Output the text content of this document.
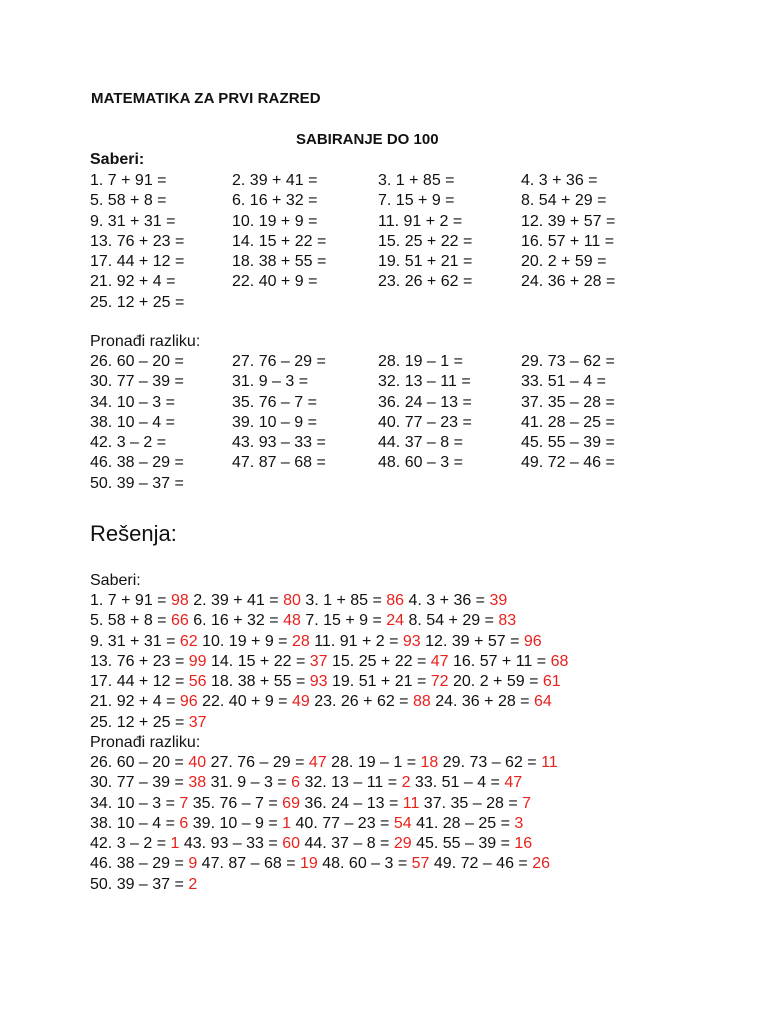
MATEMATIKA ZA PRVI RAZRED
SABIRANJE DO 100
Saberi:
1. 7 + 91 =	2. 39 + 41 =	3. 1 + 85 =	4. 3 + 36 =
5. 58 + 8 =	6. 16 + 32 =	7. 15 + 9 =	8. 54 + 29 =
9. 31 + 31 =	10. 19 + 9 =	11. 91 + 2 =	12. 39 + 57 =
13. 76 + 23 =	14. 15 + 22 =	15. 25 + 22 =	16. 57 + 11 =
17. 44 + 12 =	18. 38 + 55 =	19. 51 + 21 =	20. 2 + 59 =
21. 92 + 4 =	22. 40 + 9 =	23. 26 + 62 =	24. 36 + 28 =
25. 12 + 25 =
Pronađi razliku:
26. 60 – 20 =	27. 76 – 29 =	28. 19 – 1 =	29. 73 – 62 =
30. 77 – 39 =	31. 9 – 3 =	32. 13 – 11 =	33. 51 – 4 =
34. 10 – 3 =	35. 76 – 7 =	36. 24 – 13 =	37. 35 – 28 =
38. 10 – 4 =	39. 10 – 9 =	40. 77 – 23 =	41. 28 – 25 =
42. 3 – 2 =	43. 93 – 33 =	44. 37 – 8 =	45. 55 – 39 =
46. 38 – 29 =	47. 87 – 68 =	48. 60 – 3 =	49. 72 – 46 =
50. 39 – 37 =
Rešenja:
Saberi:
1. 7 + 91 = 98 2. 39 + 41 = 80 3. 1 + 85 = 86 4. 3 + 36 = 39
5. 58 + 8 = 66 6. 16 + 32 = 48 7. 15 + 9 = 24 8. 54 + 29 = 83
9. 31 + 31 = 62 10. 19 + 9 = 28 11. 91 + 2 = 93 12. 39 + 57 = 96
13. 76 + 23 = 99 14. 15 + 22 = 37 15. 25 + 22 = 47 16. 57 + 11 = 68
17. 44 + 12 = 56 18. 38 + 55 = 93 19. 51 + 21 = 72 20. 2 + 59 = 61
21. 92 + 4 = 96 22. 40 + 9 = 49 23. 26 + 62 = 88 24. 36 + 28 = 64
25. 12 + 25 = 37
Pronađi razliku:
26. 60 – 20 = 40 27. 76 – 29 = 47 28. 19 – 1 = 18 29. 73 – 62 = 11
30. 77 – 39 = 38 31. 9 – 3 = 6 32. 13 – 11 = 2 33. 51 – 4 = 47
34. 10 – 3 = 7 35. 76 – 7 = 69 36. 24 – 13 = 11 37. 35 – 28 = 7
38. 10 – 4 = 6 39. 10 – 9 = 1 40. 77 – 23 = 54 41. 28 – 25 = 3
42. 3 – 2 = 1 43. 93 – 33 = 60 44. 37 – 8 = 29 45. 55 – 39 = 16
46. 38 – 29 = 9 47. 87 – 68 = 19 48. 60 – 3 = 57 49. 72 – 46 = 26
50. 39 – 37 = 2
